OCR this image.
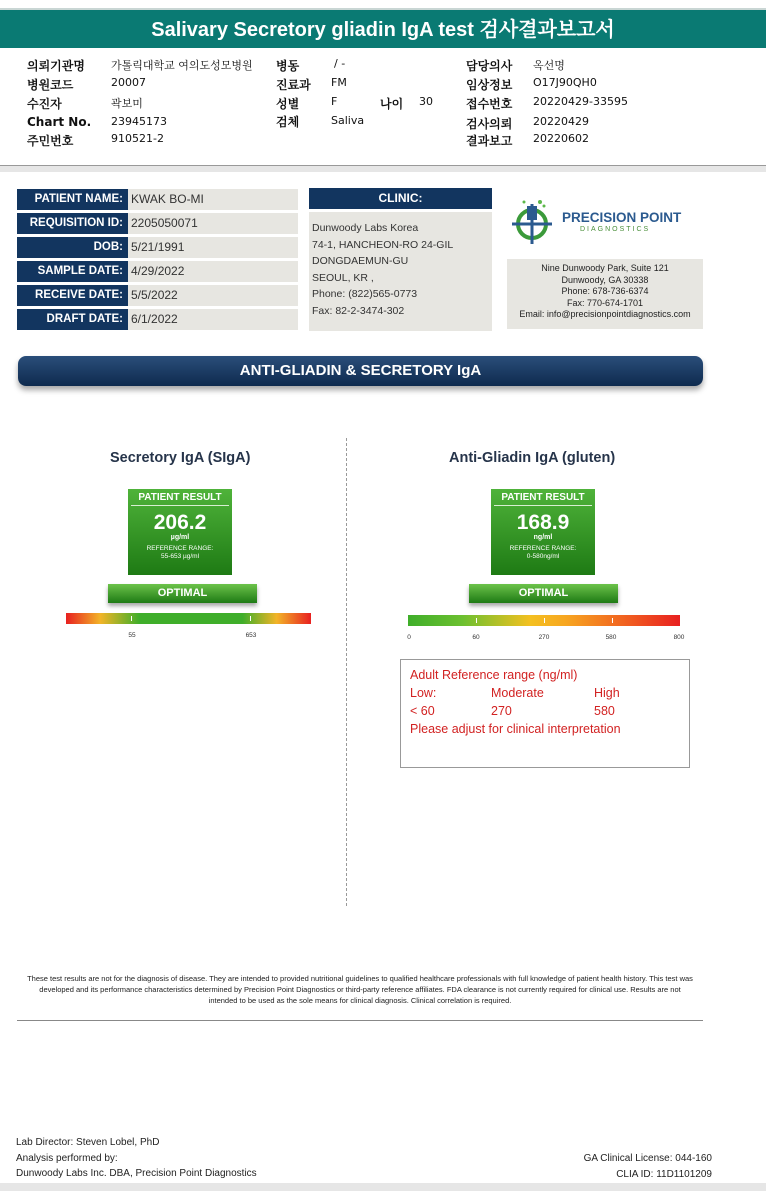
Salivary Secretory gliadin IgA test 검사결과보고서
의뢰기관명 가톨릭대학교 여의도성모병원
병원코드	20007
수진자	곽보미
Chart No. 23945173
주민번호	910521-2
병동	/ -
진료과 FM
성별	F	나이 30
검체	Saliva
담당의사 옥선명
임상정보 O17J90QH0
접수번호 20220429-33595
검사의뢰 20220429
결과보고 20220602
PATIENT NAME: KWAK BO-MI
REQUISITION ID: 2205050071
DOB: 5/21/1991
SAMPLE DATE: 4/29/2022
RECEIVE DATE: 5/5/2022
DRAFT DATE: 6/1/2022
CLINIC:
Dunwoody Labs Korea
74-1, HANCHEON-RO 24-GIL
DONGDAEMUN-GU
SEOUL, KR ,
Phone: (822)565-0773
Fax: 82-2-3474-302
PRECISION POINT
DIAGNOSTICS
Nine Dunwoody Park, Suite 121
Dunwoody, GA 30338
Phone: 678-736-6374
Fax: 770-674-1701
Email: info@precisionpointdiagnostics.com
ANTI-GLIADIN & SECRETORY IgA
Secretory IgA (SIgA)
PATIENT RESULT
206.2
µg/ml
REFERENCE RANGE:
55-653 µg/ml
OPTIMAL
55	653
Anti-Gliadin IgA (gluten)
PATIENT RESULT
168.9
ng/ml
REFERENCE RANGE:
0-580ng/ml
OPTIMAL
0	60	270	580	800
Adult Reference range (ng/ml)
Low:	Moderate	High
< 60	270	580
Please adjust for clinical interpretation
These test results are not for the diagnosis of disease. They are intended to provided nutritional guidelines to qualified healthcare professionals with full knowledge of patient health history. This test was developed and its performance characteristics determined by Precision Point Diagnostics or third-party reference affiliates. FDA clearance is not currently required for clinical use. Results are not intended to be used as the sole means for clinical diagnosis. Clinical correlation is required.
Lab Director: Steven Lobel, PhD
Analysis performed by:
Dunwoody Labs Inc. DBA, Precision Point Diagnostics
GA Clinical License: 044-160
CLIA ID: 11D1101209
